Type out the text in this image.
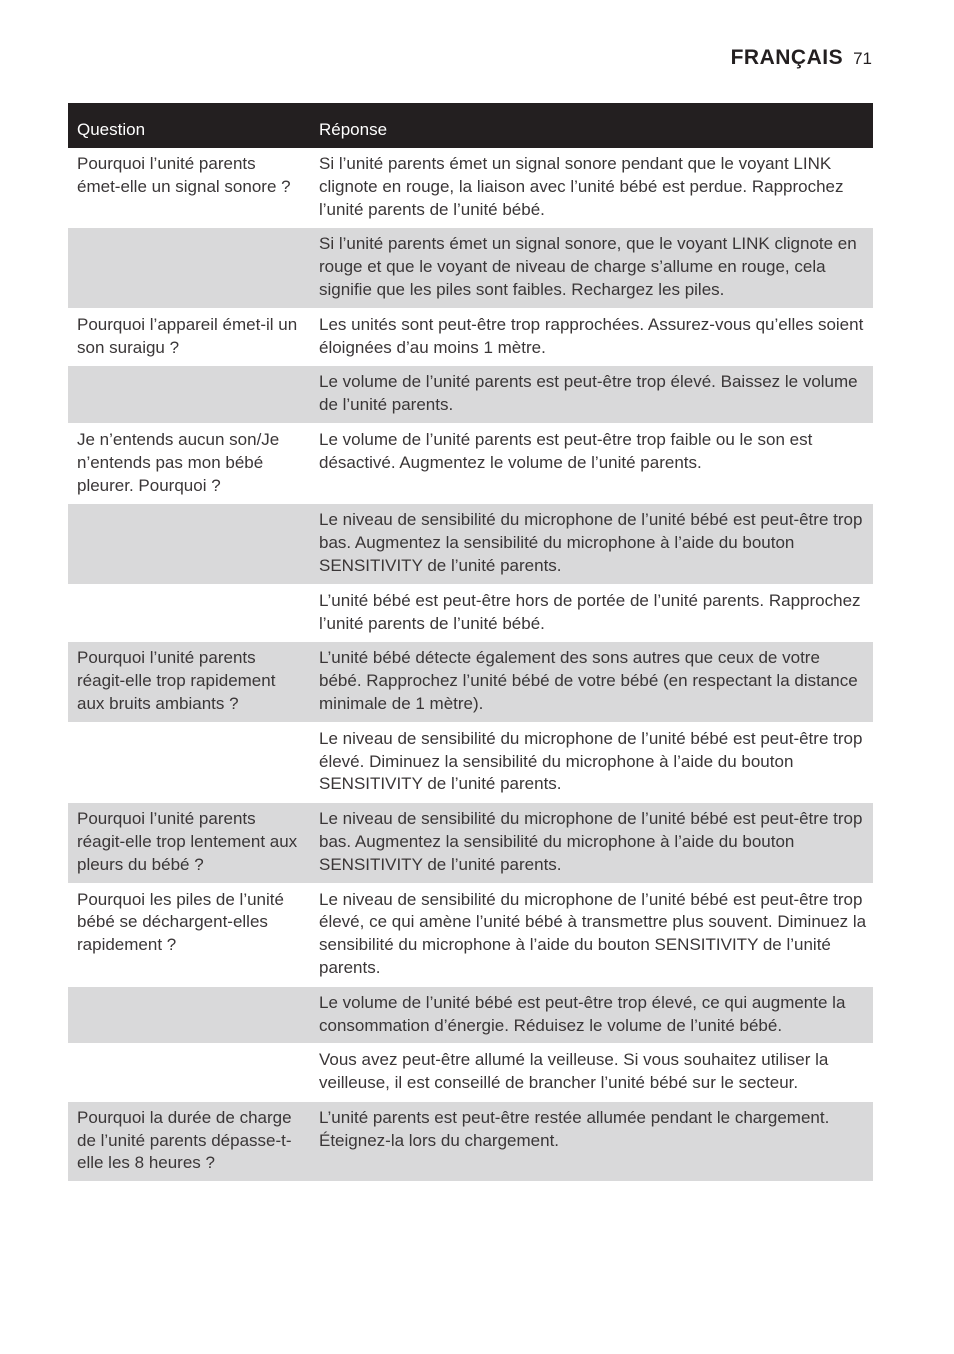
FRANÇAIS 71
Question	Réponse
Pourquoi l’unité parents émet-elle un signal sonore ?	Si l’unité parents émet un signal sonore pendant que le voyant LINK clignote en rouge, la liaison avec l’unité bébé est perdue. Rapprochez l’unité parents de l’unité bébé.
	Si l’unité parents émet un signal sonore, que le voyant LINK clignote en rouge et que le voyant de niveau de charge s’allume en rouge, cela signifie que les piles sont faibles. Rechargez les piles.
Pourquoi l’appareil émet-il un son suraigu ?	Les unités sont peut-être trop rapprochées. Assurez-vous qu’elles soient éloignées d’au moins 1 mètre.
	Le volume de l’unité parents est peut-être trop élevé. Baissez le volume de l’unité parents.
Je n’entends aucun son/Je n’entends pas mon bébé pleurer. Pourquoi ?	Le volume de l’unité parents est peut-être trop faible ou le son est désactivé. Augmentez le volume de l’unité parents.
	Le niveau de sensibilité du microphone de l’unité bébé est peut-être trop bas. Augmentez la sensibilité du microphone à l’aide du bouton SENSITIVITY de l’unité parents.
	L’unité bébé est peut-être hors de portée de l’unité parents. Rapprochez l’unité parents de l’unité bébé.
Pourquoi l’unité parents réagit-elle trop rapidement aux bruits ambiants ?	L’unité bébé détecte également des sons autres que ceux de votre bébé. Rapprochez l’unité bébé de votre bébé (en respectant la distance minimale de 1 mètre).
	Le niveau de sensibilité du microphone de l’unité bébé est peut-être trop élevé. Diminuez la sensibilité du microphone à l’aide du bouton SENSITIVITY de l’unité parents.
Pourquoi l’unité parents réagit-elle trop lentement aux pleurs du bébé ?	Le niveau de sensibilité du microphone de l’unité bébé est peut-être trop bas. Augmentez la sensibilité du microphone à l’aide du bouton SENSITIVITY de l’unité parents.
Pourquoi les piles de l’unité bébé se déchargent-elles rapidement ?	Le niveau de sensibilité du microphone de l’unité bébé est peut-être trop élevé, ce qui amène l’unité bébé à transmettre plus souvent. Diminuez la sensibilité du microphone à l’aide du bouton SENSITIVITY de l’unité parents.
	Le volume de l’unité bébé est peut-être trop élevé, ce qui augmente la consommation d’énergie. Réduisez le volume de l’unité bébé.
	Vous avez peut-être allumé la veilleuse. Si vous souhaitez utiliser la veilleuse, il est conseillé de brancher l’unité bébé sur le secteur.
Pourquoi la durée de charge de l’unité parents dépasse-t-elle les 8 heures ?	L’unité parents est peut-être restée allumée pendant le chargement. Éteignez-la lors du chargement.
